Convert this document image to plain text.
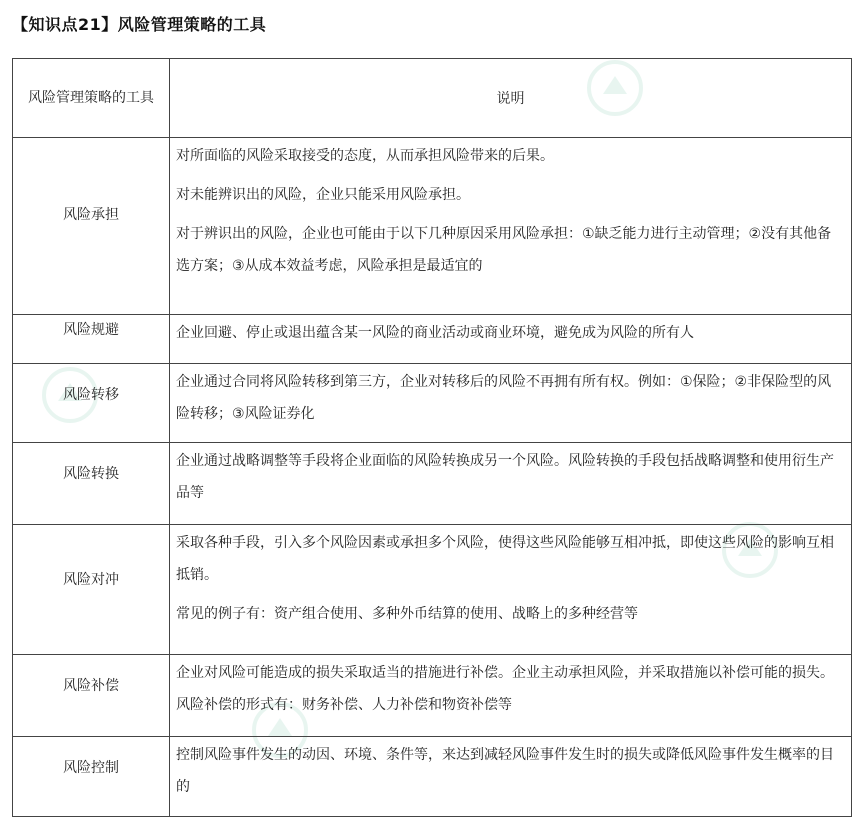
【知识点21】风险管理策略的工具
风险管理策略的工具	说明

风险承担	对所面临的风险采取接受的态度，从而承担风险带来的后果。

对未能辨识出的风险，企业只能采用风险承担。

对于辨识出的风险，企业也可能由于以下几种原因采用风险承担：①缺乏能力进行主动管理；②没有其他备选方案；③从成本效益考虑，风险承担是最适宜的

风险规避	企业回避、停止或退出蕴含某一风险的商业活动或商业环境，避免成为风险的所有人

风险转移	企业通过合同将风险转移到第三方，企业对转移后的风险不再拥有所有权。例如：①保险；②非保险型的风险转移；③风险证券化

风险转换	企业通过战略调整等手段将企业面临的风险转换成另一个风险。风险转换的手段包括战略调整和使用衍生产品等

风险对冲	采取各种手段，引入多个风险因素或承担多个风险，使得这些风险能够互相冲抵，即使这些风险的影响互相抵销。

常见的例子有：资产组合使用、多种外币结算的使用、战略上的多种经营等

风险补偿	企业对风险可能造成的损失采取适当的措施进行补偿。企业主动承担风险，并采取措施以补偿可能的损失。风险补偿的形式有：财务补偿、人力补偿和物资补偿等

风险控制	控制风险事件发生的动因、环境、条件等，来达到减轻风险事件发生时的损失或降低风险事件发生概率的目的
